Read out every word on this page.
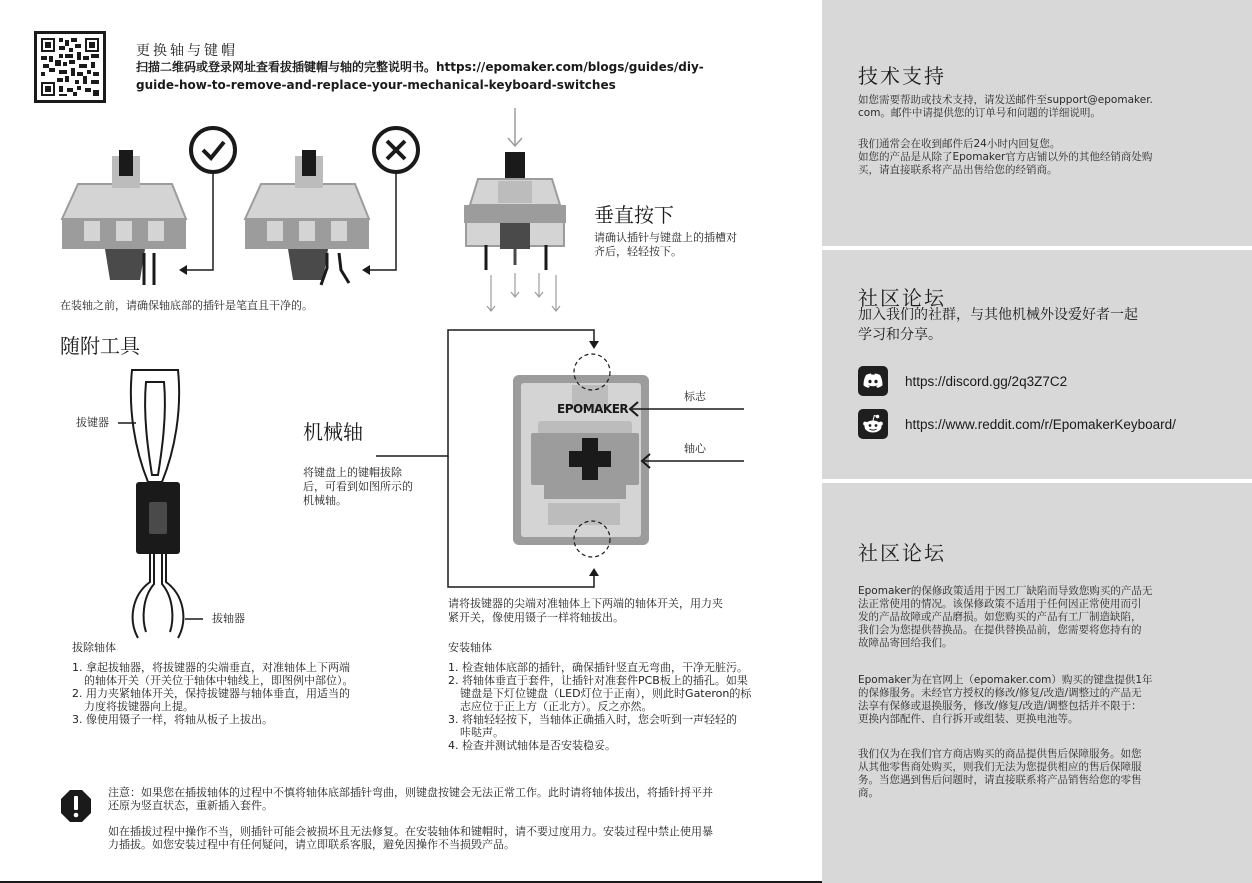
更换轴与键帽
扫描二维码或登录网址查看拔插键帽与轴的完整说明书。https://epomaker.com/blogs/guides/diy-
guide-how-to-remove-and-replace-your-mechanical-keyboard-switches
在装轴之前，请确保轴底部的插针是笔直且干净的。
垂直按下
请确认插针与键盘上的插槽对
齐后，轻轻按下。
随附工具
拔键器
拔轴器
机械轴
将键盘上的键帽拔除
后，可看到如图所示的
机械轴。
EPOMAKER
标志
轴心
请将拔键器的尖端对准轴体上下两端的轴体开关，用力夹
紧开关，像使用镊子一样将轴拔出。
拔除轴体
1. 拿起拔轴器，将拔键器的尖端垂直，对准轴体上下两端
的轴体开关（开关位于轴体中轴线上，即图例中部位）。
2. 用力夹紧轴体开关，保持拔键器与轴体垂直，用适当的
力度将拔键器向上提。
3. 像使用镊子一样，将轴从板子上拔出。
安装轴体
1. 检查轴体底部的插针，确保插针竖直无弯曲，干净无脏污。
2. 将轴体垂直于套件，让插针对准套件PCB板上的插孔。如果
键盘是下灯位键盘（LED灯位于正南），则此时Gateron的标
志应位于正上方（正北方）。反之亦然。
3. 将轴轻轻按下，当轴体正确插入时，您会听到一声轻轻的
咔哒声。
4. 检查并测试轴体是否安装稳妥。
注意：如果您在插拔轴体的过程中不慎将轴体底部插针弯曲，则键盘按键会无法正常工作。此时请将轴体拔出，将插针捋平并
还原为竖直状态，重新插入套件。
如在插拔过程中操作不当，则插针可能会被损坏且无法修复。在安装轴体和键帽时，请不要过度用力。安装过程中禁止使用暴
力插拔。如您安装过程中有任何疑问，请立即联系客服，避免因操作不当损毁产品。
技术支持
如您需要帮助或技术支持，请发送邮件至support@epomaker.
com。邮件中请提供您的订单号和问题的详细说明。
我们通常会在收到邮件后24小时内回复您。
如您的产品是从除了Epomaker官方店铺以外的其他经销商处购
买，请直接联系将产品出售给您的经销商。
社区论坛
加入我们的社群，与其他机械外设爱好者一起
学习和分享。
https://discord.gg/2q3Z7C2
https://www.reddit.com/r/EpomakerKeyboard/
社区论坛
Epomaker的保修政策适用于因工厂缺陷而导致您购买的产品无
法正常使用的情况。该保修政策不适用于任何因正常使用而引
发的产品故障或产品磨损。如您购买的产品有工厂制造缺陷，
我们会为您提供替换品。在提供替换品前，您需要将您持有的
故障品寄回给我们。
Epomaker为在官网上（epomaker.com）购买的键盘提供1年
的保修服务。未经官方授权的修改/修复/改造/调整过的产品无
法享有保修或退换服务，修改/修复/改造/调整包括并不限于：
更换内部配件、自行拆开或组装、更换电池等。
我们仅为在我们官方商店购买的商品提供售后保障服务。如您
从其他零售商处购买，则我们无法为您提供相应的售后保障服
务。当您遇到售后问题时，请直接联系将产品销售给您的零售
商。
